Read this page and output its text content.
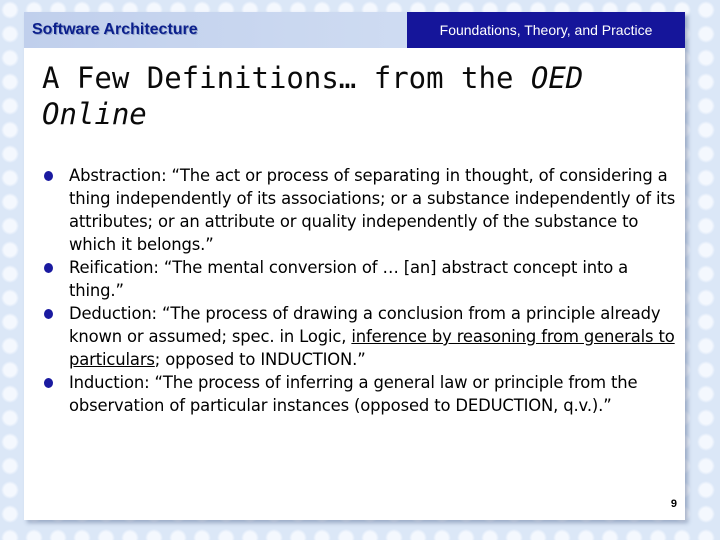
Software Architecture	Foundations, Theory, and Practice
A Few Definitions… from the OED Online
Abstraction: “The act or process of separating in thought, of considering a thing independently of its associations; or a substance independently of its attributes; or an attribute or quality independently of the substance to which it belongs.”
Reification: “The mental conversion of … [an] abstract concept into a thing.”
Deduction: “The process of drawing a conclusion from a principle already known or assumed; spec. in Logic, inference by reasoning from generals to particulars; opposed to INDUCTION.”
Induction: “The process of inferring a general law or principle from the observation of particular instances (opposed to DEDUCTION, q.v.).”
9
